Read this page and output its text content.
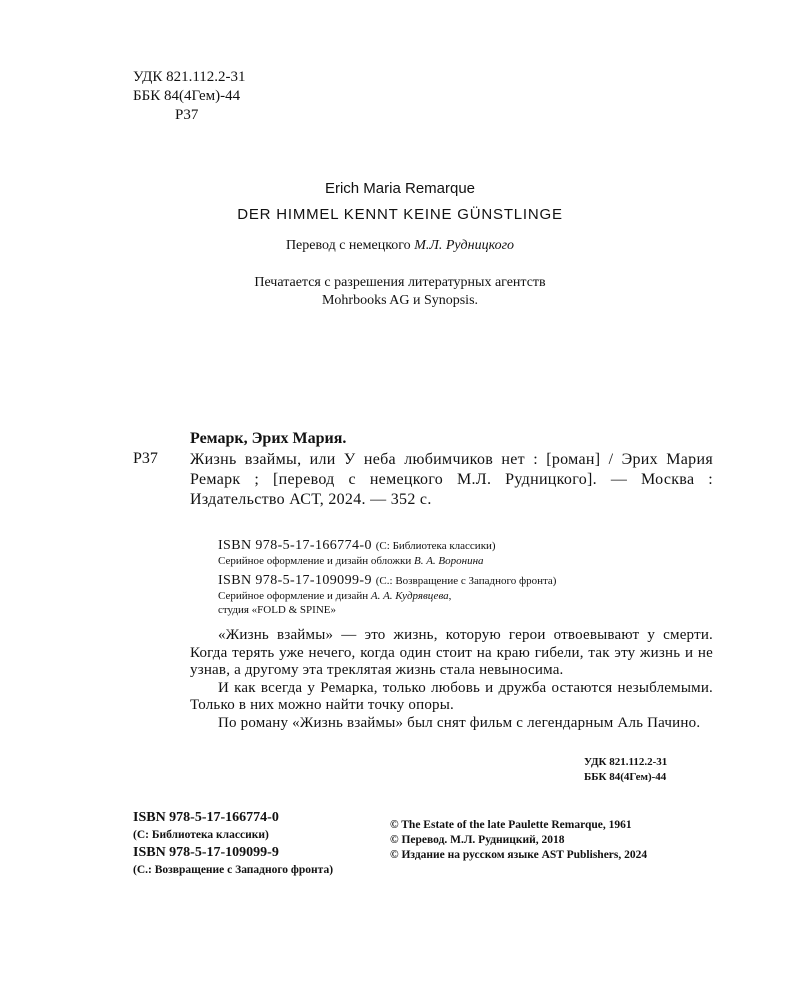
УДК 821.112.2-31
ББК 84(4Гем)-44
Р37
Erich Maria Remarque
DER HIMMEL KENNT KEINE GÜNSTLINGE
Перевод с немецкого М.Л. Рудницкого
Печатается с разрешения литературных агентств
Mohrbooks AG и Synopsis.
Ремарк, Эрих Мария.
Р37 Жизнь взаймы, или У неба любимчиков нет : [роман] / Эрих Мария Ремарк ; [перевод с немецкого М.Л. Рудницкого]. — Москва : Издательство АСТ, 2024. — 352 с.
ISBN 978-5-17-166774-0 (С: Библиотека классики)
Серийное оформление и дизайн обложки В. А. Воронина
ISBN 978-5-17-109099-9 (С.: Возвращение с Западного фронта)
Серийное оформление и дизайн А. А. Кудрявцева,
студия «FOLD & SPINE»

«Жизнь взаймы» — это жизнь, которую герои отвоевывают у смерти. Когда терять уже нечего, когда один стоит на краю гибели, так эту жизнь и не узнав, а другому эта треклятая жизнь стала невыносима.

И как всегда у Ремарка, только любовь и дружба остаются незыблемыми. Только в них можно найти точку опоры.

По роману «Жизнь взаймы» был снят фильм с легендарным Аль Пачино.

УДК 821.112.2-31
ББК 84(4Гем)-44
ISBN 978-5-17-166774-0
(С: Библиотека классики)
ISBN 978-5-17-109099-9
(С.: Возвращение с Западного фронта)
© The Estate of the late Paulette Remarque, 1961
© Перевод. М.Л. Рудницкий, 2018
© Издание на русском языке AST Publishers, 2024
